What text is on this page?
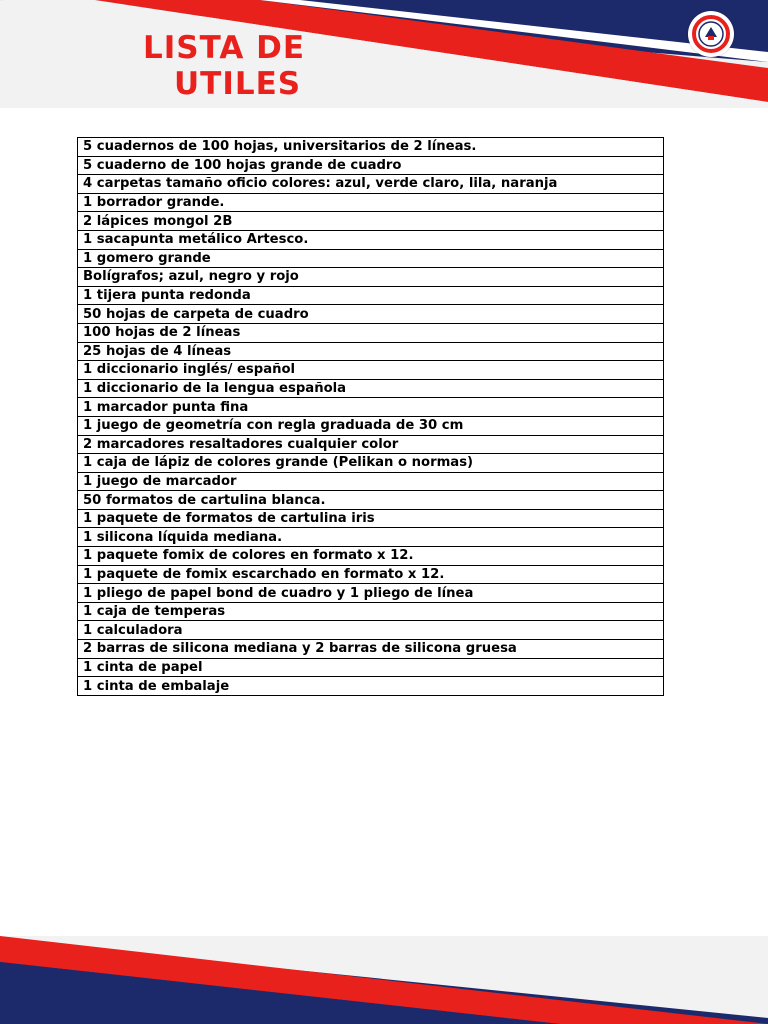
LISTA DE
UTILES
5 cuadernos de 100 hojas, universitarios de 2 líneas.
5 cuaderno de 100 hojas grande de cuadro
4 carpetas tamaño oficio colores: azul, verde claro, lila, naranja
1 borrador grande.
2 lápices mongol 2B
1 sacapunta metálico Artesco.
1 gomero grande
Bolígrafos; azul, negro y rojo
1 tijera punta redonda
50 hojas de carpeta de cuadro
100 hojas de 2 líneas
25 hojas de 4 líneas
1 diccionario inglés/ español
1 diccionario de la lengua española
1 marcador punta fina
1 juego de geometría con regla graduada de 30 cm
2 marcadores resaltadores cualquier color
1 caja de lápiz de colores grande (Pelikan o normas)
1 juego de marcador
50 formatos de cartulina blanca.
1 paquete de formatos de cartulina iris
1 silicona líquida mediana.
1 paquete fomix de colores en formato x 12.
1 paquete de fomix escarchado en formato x 12.
1 pliego de papel bond de cuadro y 1 pliego de línea
1 caja de temperas
1 calculadora
2 barras de silicona mediana y 2 barras de silicona gruesa
1 cinta de papel
1 cinta de embalaje
